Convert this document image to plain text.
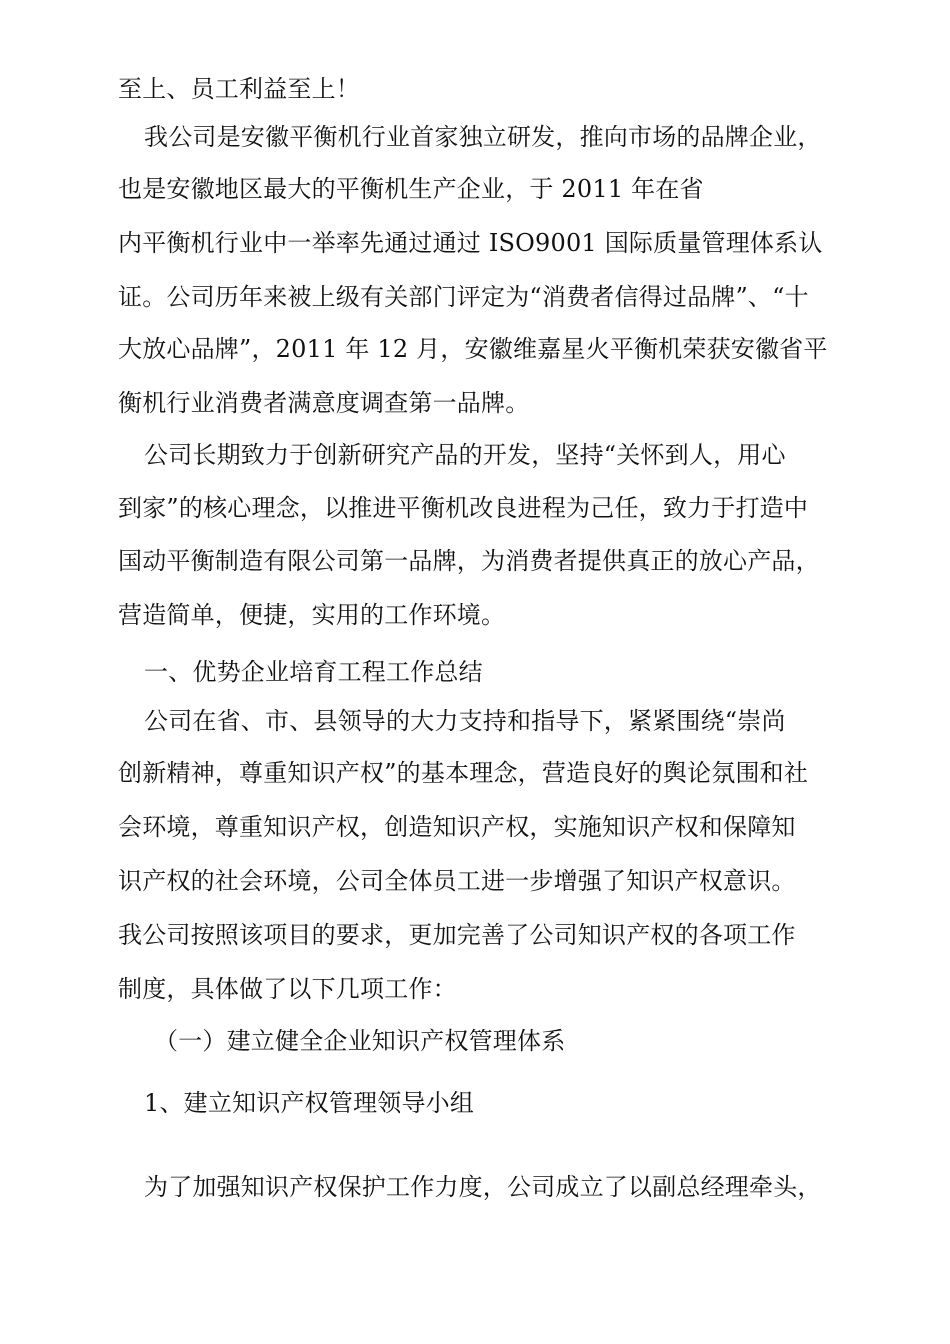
至上、员工利益至上！
我公司是安徽平衡机行业首家独立研发，推向市场的品牌企业，
也是安徽地区最大的平衡机生产企业，于 2011 年在省
内平衡机行业中一举率先通过通过 ISO9001 国际质量管理体系认
证。公司历年来被上级有关部门评定为“消费者信得过品牌”、“十
大放心品牌”，2011 年 12 月，安徽维嘉星火平衡机荣获安徽省平
衡机行业消费者满意度调查第一品牌。
公司长期致力于创新研究产品的开发，坚持“关怀到人，用心
到家”的核心理念，以推进平衡机改良进程为己任，致力于打造中
国动平衡制造有限公司第一品牌，为消费者提供真正的放心产品，
营造简单，便捷，实用的工作环境。
一、优势企业培育工程工作总结
公司在省、市、县领导的大力支持和指导下，紧紧围绕“崇尚
创新精神，尊重知识产权”的基本理念，营造良好的舆论氛围和社
会环境，尊重知识产权，创造知识产权，实施知识产权和保障知
识产权的社会环境，公司全体员工进一步增强了知识产权意识。
我公司按照该项目的要求，更加完善了公司知识产权的各项工作
制度，具体做了以下几项工作：
（一）建立健全企业知识产权管理体系
1、建立知识产权管理领导小组
为了加强知识产权保护工作力度，公司成立了以副总经理牵头，
